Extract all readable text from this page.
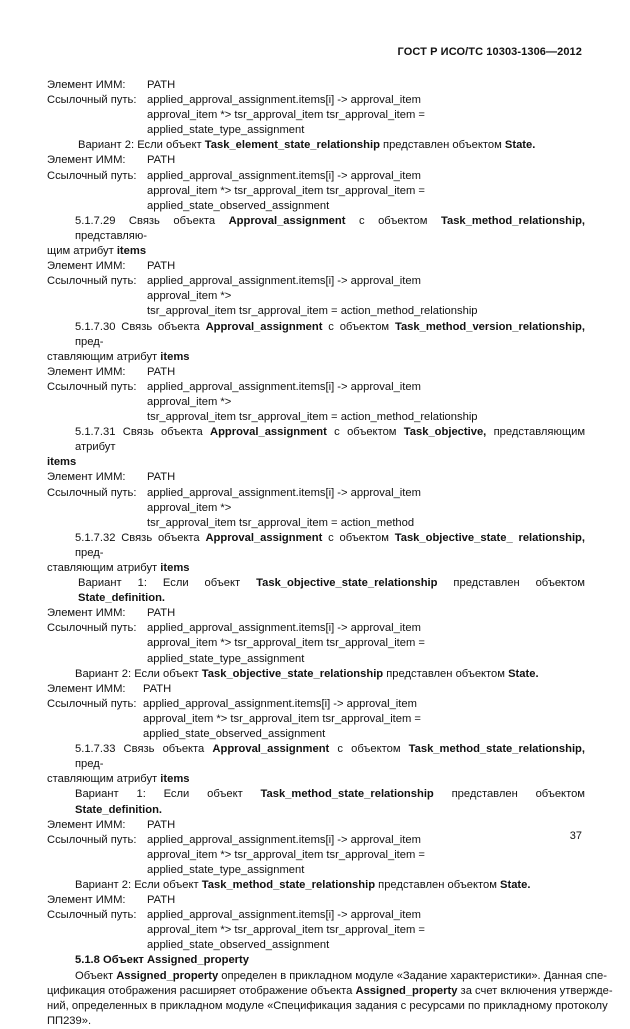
ГОСТ Р ИСО/ТС 10303-1306—2012
Элемент ИММ:	PATH
Ссылочный путь: applied_approval_assignment.items[i] -> approval_item
approval_item *> tsr_approval_item tsr_approval_item =
applied_state_type_assignment
Вариант 2: Если объект Task_element_state_relationship представлен объектом State.
Элемент ИММ:	PATH
Ссылочный путь: applied_approval_assignment.items[i] -> approval_item
approval_item *> tsr_approval_item tsr_approval_item =
applied_state_observed_assignment
5.1.7.29 Связь объекта Approval_assignment с объектом Task_method_relationship, представляю-
щим атрибут items
Элемент ИММ:	PATH
Ссылочный путь: applied_approval_assignment.items[i] -> approval_item
approval_item *>
tsr_approval_item tsr_approval_item = action_method_relationship
5.1.7.30 Связь объекта Approval_assignment с объектом Task_method_version_relationship, пред-
ставляющим атрибут items
Элемент ИММ:	PATH
Ссылочный путь: applied_approval_assignment.items[i] -> approval_item
approval_item *>
tsr_approval_item tsr_approval_item = action_method_relationship
5.1.7.31 Связь объекта Approval_assignment с объектом Task_objective, представляющим атрибут
items
Элемент ИММ:	PATH
Ссылочный путь: applied_approval_assignment.items[i] -> approval_item
approval_item *>
tsr_approval_item tsr_approval_item = action_method
5.1.7.32 Связь объекта Approval_assignment с объектом Task_objective_state_ relationship, пред-
ставляющим атрибут items
Вариант 1: Если объект Task_objective_state_relationship представлен объектом State_definition.
Элемент ИММ:	PATH
Ссылочный путь: applied_approval_assignment.items[i] -> approval_item
approval_item *> tsr_approval_item tsr_approval_item =
applied_state_type_assignment
Вариант 2: Если объект Task_objective_state_relationship представлен объектом State.
Элемент ИММ:	PATH
Ссылочный путь: applied_approval_assignment.items[i] -> approval_item
approval_item *> tsr_approval_item tsr_approval_item =
applied_state_observed_assignment
5.1.7.33 Связь объекта Approval_assignment с объектом Task_method_state_relationship, пред-
ставляющим атрибут items
Вариант 1: Если объект Task_method_state_relationship представлен объектом State_definition.
Элемент ИММ:	PATH
Ссылочный путь: applied_approval_assignment.items[i] -> approval_item
approval_item *> tsr_approval_item tsr_approval_item =
applied_state_type_assignment
Вариант 2: Если объект Task_method_state_relationship представлен объектом State.
Элемент ИММ:	PATH
Ссылочный путь: applied_approval_assignment.items[i] -> approval_item
approval_item *> tsr_approval_item tsr_approval_item =
applied_state_observed_assignment
5.1.8 Объект Assigned_property
Объект Assigned_property определен в прикладном модуле «Задание характеристики». Данная спе-
цификация отображения расширяет отображение объекта Assigned_property за счет включения утвержде-
ний, определенных в прикладном модуле «Спецификация задания с ресурсами по прикладному протоколу
ПП239».
37
